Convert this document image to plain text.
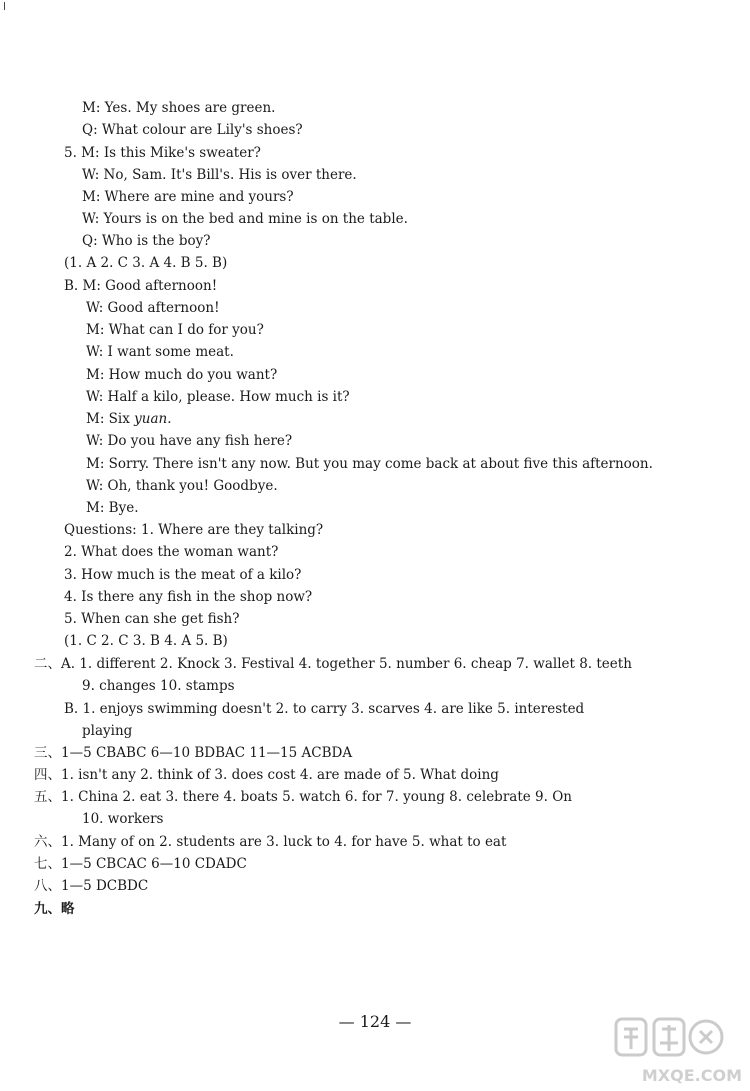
M: Yes. My shoes are green.
Q: What colour are Lily's shoes?
5. M: Is this Mike's sweater?
W: No, Sam. It's Bill's. His is over there.
M: Where are mine and yours?
W: Yours is on the bed and mine is on the table.
Q: Who is the boy?
(1. A 2. C 3. A 4. B 5. B)
B. M: Good afternoon!
W: Good afternoon!
M: What can I do for you?
W: I want some meat.
M: How much do you want?
W: Half a kilo, please. How much is it?
M: Six yuan.
W: Do you have any fish here?
M: Sorry. There isn't any now. But you may come back at about five this afternoon.
W: Oh, thank you! Goodbye.
M: Bye.
Questions: 1. Where are they talking?
2. What does the woman want?
3. How much is the meat of a kilo?
4. Is there any fish in the shop now?
5. When can she get fish?
(1. C 2. C 3. B 4. A 5. B)
二、A. 1. different 2. Knock 3. Festival 4. together 5. number 6. cheap 7. wallet 8. teeth
9. changes 10. stamps
B. 1. enjoys swimming doesn't 2. to carry 3. scarves 4. are like 5. interested
playing
三、1—5 CBABC 6—10 BDBAC 11—15 ACBDA
四、1. isn't any 2. think of 3. does cost 4. are made of 5. What doing
五、1. China 2. eat 3. there 4. boats 5. watch 6. for 7. young 8. celebrate 9. On
10. workers
六、1. Many of on 2. students are 3. luck to 4. for have 5. what to eat
七、1—5 CBCAC 6—10 CDADC
八、1—5 DCBDC
九、略
— 124 —
MXQE.COM
